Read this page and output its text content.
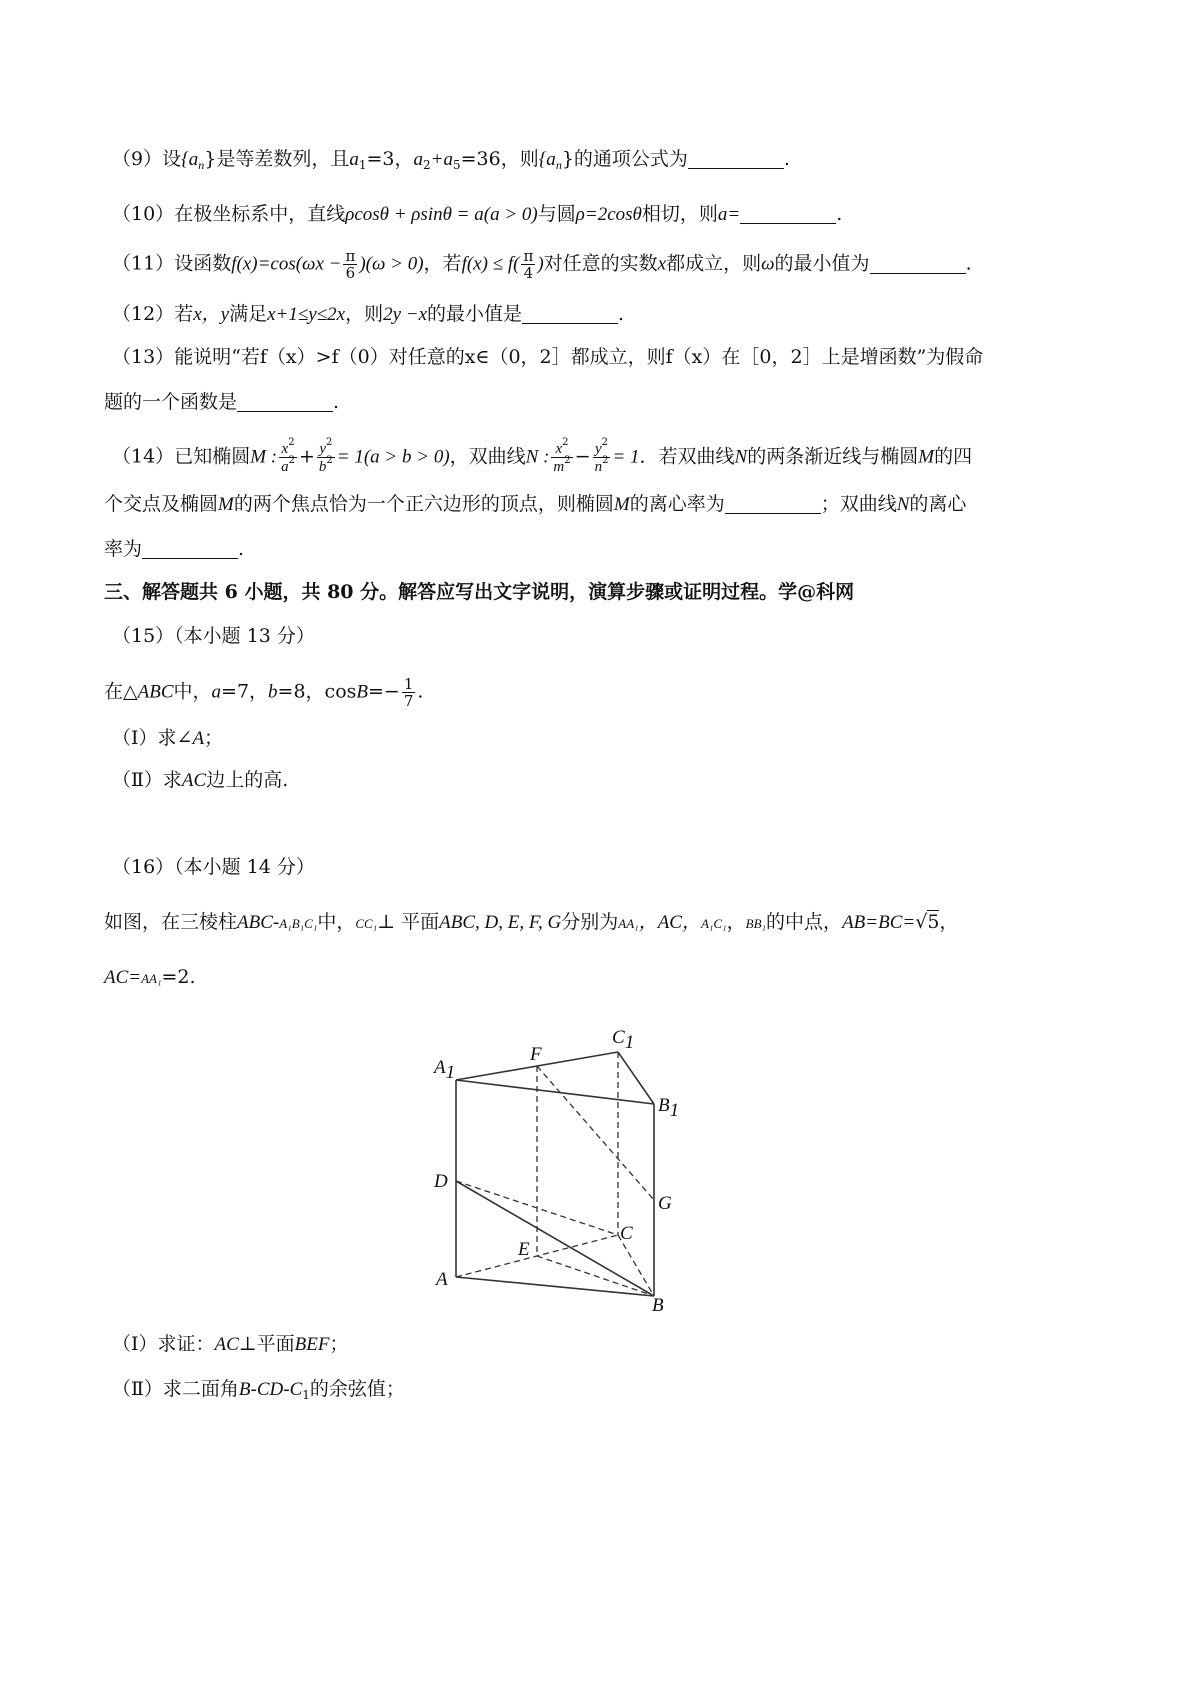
（9）设$\{a_n\}$是等差数列，且$a_1=3$，$a_2+a_5=36$，则$\{a_n\}$的通项公式为	.
（10）在极坐标系中，直线ρcosθ + ρsinθ = a(a > 0)与圆ρ=2cosθ相切，则a=	.
（11）设函数$f(x)=\cos(\omega x - \frac{\pi}{6} )(\omega > 0)$，若$f(x) \le f( \frac{\pi}{4}$ )对任意的实数x都成立，则ω的最小值为	.
（12）若x，y满足x+1≤y≤2x，则2y −x的最小值是	.
（13）能说明“若f（x）>f（0）对任意的x∈（0，2］都成立，则f（x）在［0，2］上是增函数”为假命
题的一个函数是	.
（14）已知椭圆M : $\frac{x^2}{a^2} + \frac{y^2}{b^2} = 1(a > b > 0)$，双曲线N : $\frac{x^2}{m^2} - \frac{y^2}{n^2} = 1$．若双曲线N的两条渐近线与椭圆M的四
个交点及椭圆M的两个焦点恰为一个正六边形的顶点，则椭圆M的离心率为	；双曲线N的离心
率为	.
三、解答题共 6 小题，共 80 分。解答应写出文字说明，演算步骤或证明过程。学@科网
（15）（本小题 13 分）
在△ABC中，a=7，b=8，$\cos B=- \frac{1}{7}$ .
（Ⅰ）求∠A；
（Ⅱ）求AC边上的高.
（16）（本小题 14 分）
如图，在三棱柱ABC-A₁B₁C₁中，CC₁⊥ 平面ABC, D, E, F, G分别为AA₁，AC，A₁C₁，BB₁的中点，AB=BC=√5，
AC=AA₁=2.
A1
F
C1
B1
D
G
C
E
A
B
（Ⅰ）求证：AC⊥平面BEF；
（Ⅱ）求二面角$B-CD-C_1$的余弦值；
